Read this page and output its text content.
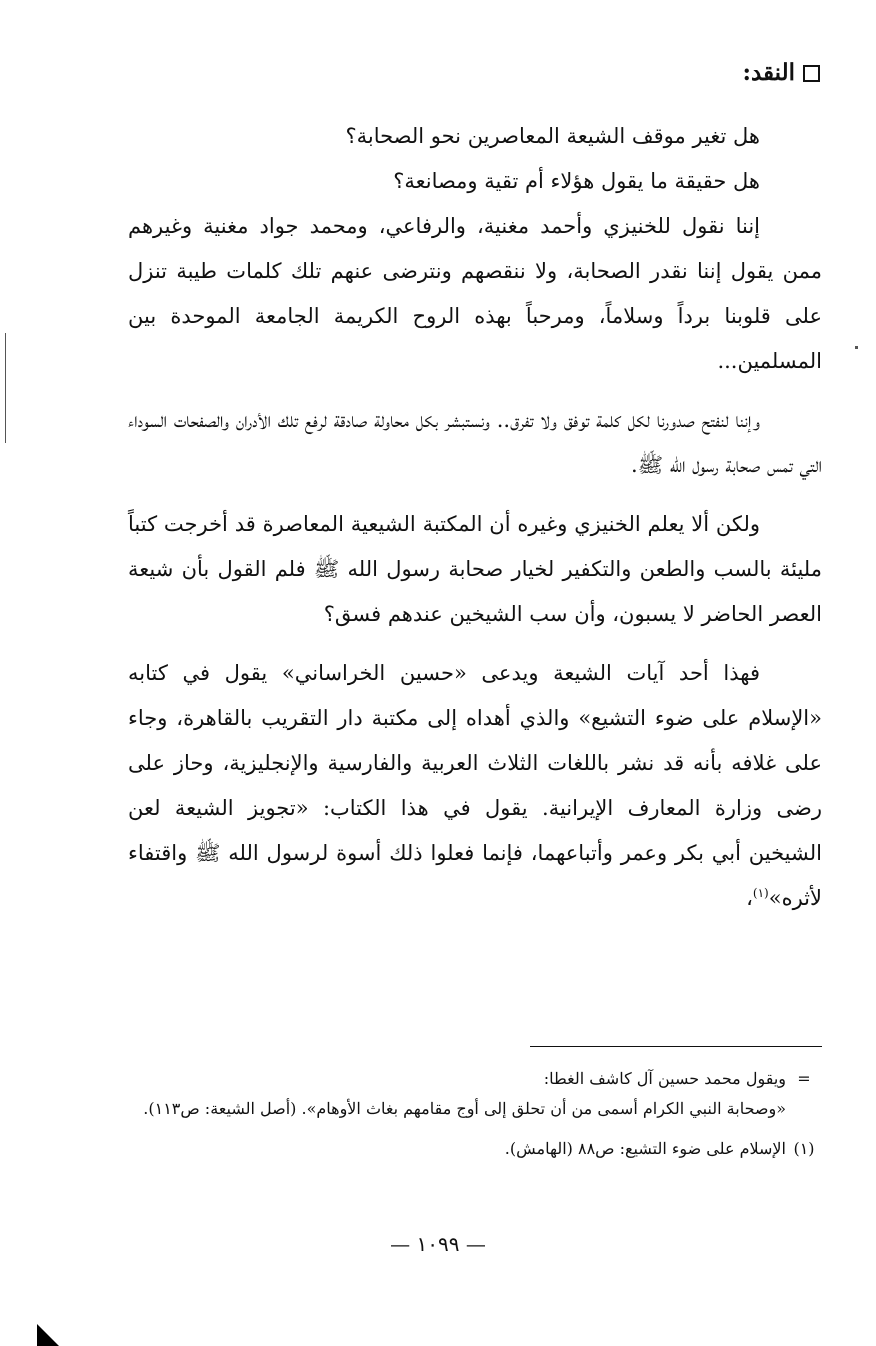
النقد:

هل تغير موقف الشيعة المعاصرين نحو الصحابة؟

هل حقيقة ما يقول هؤلاء أم تقية ومصانعة؟

إننا نقول للخنيزي وأحمد مغنية، والرفاعي، ومحمد جواد مغنية وغيرهم ممن يقول إننا نقدر الصحابة، ولا ننقصهم ونترضى عنهم تلك كلمات طيبة تنزل على قلوبنا برداً وسلاماً، ومرحباً بهذه الروح الكريمة الجامعة الموحدة بين المسلمين...

وإننا لنفتح صدورنا لكل كلمة توفق ولا تفرق.. ونستبشر بكل محاولة صادقة لرفع تلك الأدران والصفحات السوداء التي تمس صحابة رسول الله ﷺ.

ولكن ألا يعلم الخنيزي وغيره أن المكتبة الشيعية المعاصرة قد أخرجت كتباً مليئة بالسب والطعن والتكفير لخيار صحابة رسول الله ﷺ فلم القول بأن شيعة العصر الحاضر لا يسبون، وأن سب الشيخين عندهم فسق؟

فهذا أحد آيات الشيعة ويدعى «حسين الخراساني» يقول في كتابه «الإسلام على ضوء التشيع» والذي أهداه إلى مكتبة دار التقريب بالقاهرة، وجاء على غلافه بأنه قد نشر باللغات الثلاث العربية والفارسية والإنجليزية، وحاز على رضى وزارة المعارف الإيرانية. يقول في هذا الكتاب: «تجويز الشيعة لعن الشيخين أبي بكر وعمر وأتباعهما، فإنما فعلوا ذلك أسوة لرسول الله ﷺ واقتفاء لأثره»$^{(١)}$،

=
ويقول محمد حسين آل كاشف الغطا:
«وصحابة النبي الكرام أسمى من أن تحلق إلى أوج مقامهم بغاث الأوهام». (أصل الشيعة: ص١١٣).
(١)
الإسلام على ضوء التشيع: ص٨٨ (الهامش).
— ١٠٩٩ —
